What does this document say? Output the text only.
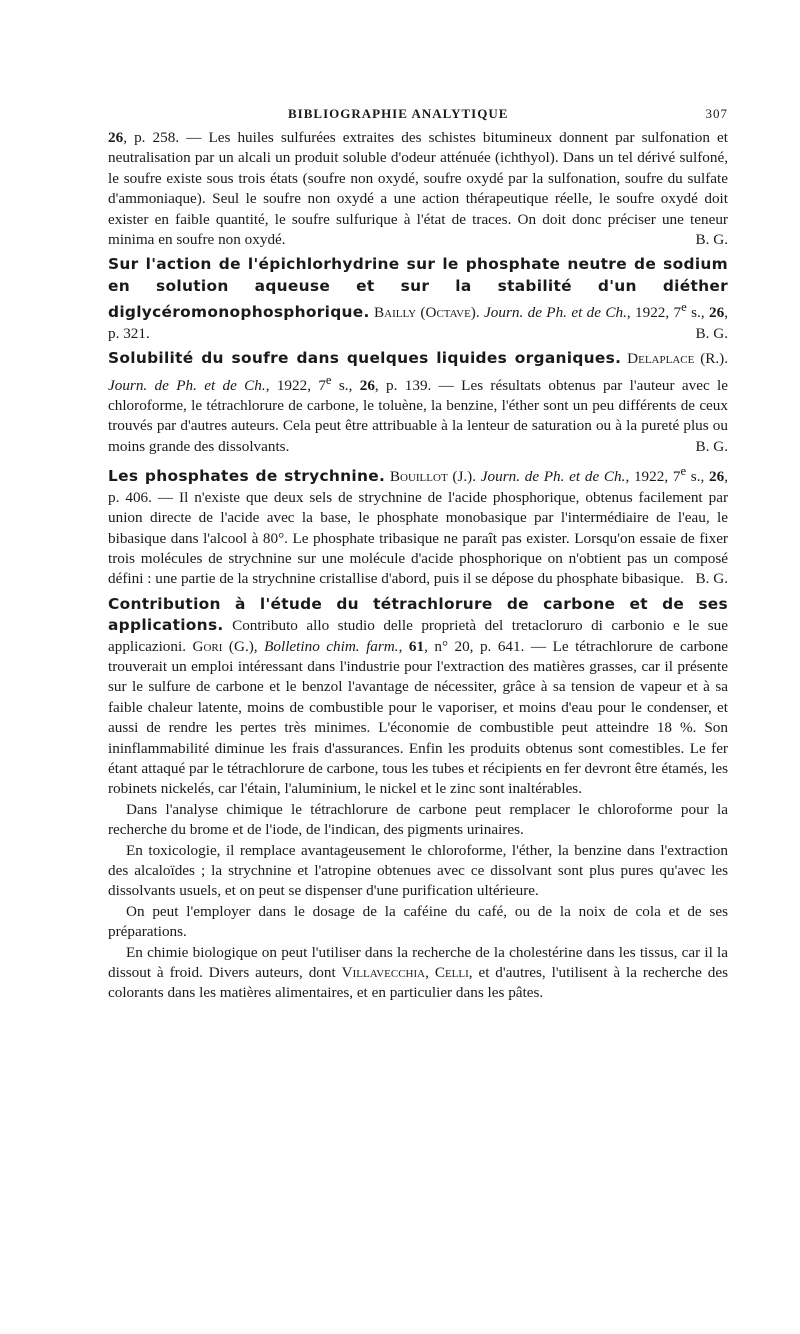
BIBLIOGRAPHIE ANALYTIQUE	307

26, p. 258. — Les huiles sulfurées extraites des schistes bitumineux donnent par sulfonation et neutralisation par un alcali un produit soluble d'odeur atténuée (ichthyol). Dans un tel dérivé sulfoné, le soufre existe sous trois états (soufre non oxydé, soufre oxydé par la sulfonation, soufre du sulfate d'ammoniaque). Seul le soufre non oxydé a une action thérapeutique réelle, le soufre oxydé doit exister en faible quantité, le soufre sulfurique à l'état de traces. On doit donc préciser une teneur minima en soufre non oxydé.	B. G.

Sur l'action de l'épichlorhydrine sur le phosphate neutre de sodium en solution aqueuse et sur la stabilité d'un diéther diglycéromonophosphorique. Bailly (Octave). Journ. de Ph. et de Ch., 1922, 7e s., 26, p. 321.	B. G.

Solubilité du soufre dans quelques liquides organiques. Delaplace (R.). Journ. de Ph. et de Ch., 1922, 7e s., 26, p. 139. — Les résultats obtenus par l'auteur avec le chloroforme, le tétrachlorure de carbone, le toluène, la benzine, l'éther sont un peu différents de ceux trouvés par d'autres auteurs. Cela peut être attribuable à la lenteur de saturation ou à la pureté plus ou moins grande des dissolvants.	B. G.

Les phosphates de strychnine. Bouillot (J.). Journ. de Ph. et de Ch., 1922, 7e s., 26, p. 406. — Il n'existe que deux sels de strychnine de l'acide phosphorique, obtenus facilement par union directe de l'acide avec la base, le phosphate monobasique par l'intermédiaire de l'eau, le bibasique dans l'alcool à 80°. Le phosphate tribasique ne paraît pas exister. Lorsqu'on essaie de fixer trois molécules de strychnine sur une molécule d'acide phosphorique on n'obtient pas un composé défini : une partie de la strychnine cristallise d'abord, puis il se dépose du phosphate bibasique. B. G.

Contribution à l'étude du tétrachlorure de carbone et de ses applications. Contributo allo studio delle proprietà del tretacloruro di carbonio e le sue applicazioni. Gori (G.), Bolletino chim. farm., 61, n° 20, p. 641. — Le tétrachlorure de carbone trouverait un emploi intéressant dans l'industrie pour l'extraction des matières grasses, car il présente sur le sulfure de carbone et le benzol l'avantage de nécessiter, grâce à sa tension de vapeur et à sa faible chaleur latente, moins de combustible pour le vaporiser, et moins d'eau pour le condenser, et aussi de rendre les pertes très minimes. L'économie de combustible peut atteindre 18 %. Son ininflammabilité diminue les frais d'assurances. Enfin les produits obtenus sont comestibles. Le fer étant attaqué par le tétrachlorure de carbone, tous les tubes et récipients en fer devront être étamés, les robinets nickelés, car l'étain, l'aluminium, le nickel et le zinc sont inaltérables.

Dans l'analyse chimique le tétrachlorure de carbone peut remplacer le chloroforme pour la recherche du brome et de l'iode, de l'indican, des pigments urinaires.

En toxicologie, il remplace avantageusement le chloroforme, l'éther, la benzine dans l'extraction des alcaloïdes ; la strychnine et l'atropine obtenues avec ce dissolvant sont plus pures qu'avec les dissolvants usuels, et on peut se dispenser d'une purification ultérieure.

On peut l'employer dans le dosage de la caféine du café, ou de la noix de cola et de ses préparations.

En chimie biologique on peut l'utiliser dans la recherche de la cholestérine dans les tissus, car il la dissout à froid. Divers auteurs, dont Villavecchia, Celli, et d'autres, l'utilisent à la recherche des colorants dans les matières alimentaires, et en particulier dans les pâtes.
